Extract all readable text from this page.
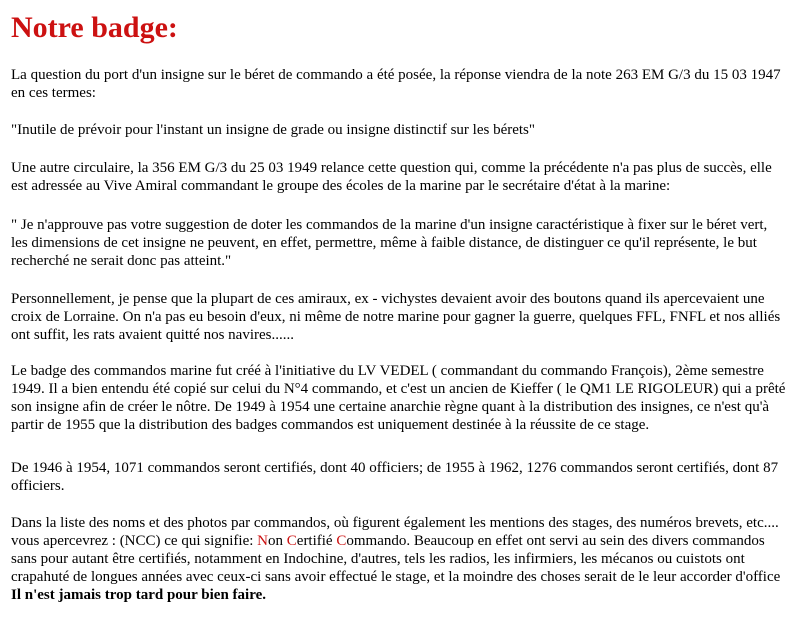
Notre badge:

La question du port d'un insigne sur le béret de commando a été posée, la réponse viendra de la note 263 EM G/3 du 15 03 1947

en ces termes:

"Inutile de prévoir pour l'instant un insigne de grade ou insigne distinctif sur les bérets"

Une autre circulaire, la 356 EM G/3 du 25 03 1949 relance cette question qui, comme la précédente n'a pas plus de succès, elle

est adressée au Vive Amiral commandant le groupe des écoles de la marine par le secrétaire d'état à la marine:

" Je n'approuve pas votre suggestion de doter les commandos de la marine d'un insigne caractéristique à fixer sur le béret vert,

les dimensions de cet insigne ne peuvent, en effet, permettre, même à faible distance, de distinguer ce qu'il représente, le but

recherché ne serait donc pas atteint."

Personnellement, je pense que la plupart de ces amiraux, ex - vichystes devaient avoir des boutons quand ils apercevaient une

croix de Lorraine. On n'a pas eu besoin d'eux, ni même de notre marine pour gagner la guerre, quelques FFL, FNFL et nos alliés

ont suffit, les rats avaient quitté nos navires......

Le badge des commandos marine fut créé à l'initiative du LV VEDEL ( commandant du commando François), 2ème semestre

1949. Il a bien entendu été copié sur celui du N°4 commando, et c'est un ancien de Kieffer ( le QM1 LE RIGOLEUR) qui a prêté

son insigne afin de créer le nôtre. De 1949 à 1954 une certaine anarchie règne quant à la distribution des insignes, ce n'est qu'à

partir de 1955 que la distribution des badges commandos est uniquement destinée à la réussite de ce stage.

De 1946 à 1954, 1071 commandos seront certifiés, dont 40 officiers; de 1955 à 1962, 1276 commandos seront certifiés, dont 87

officiers.

Dans la liste des noms et des photos par commandos, où figurent également les mentions des stages, des numéros brevets, etc....

vous apercevrez : (NCC) ce qui signifie: Non Certifié Commando. Beaucoup en effet ont servi au sein des divers commandos

sans pour autant être certifiés, notamment en Indochine, d'autres, tels les radios, les infirmiers, les mécanos ou cuistots ont

crapahuté de longues années avec ceux-ci sans avoir effectué le stage, et la moindre des choses serait de le leur accorder d'office

Il n'est jamais trop tard pour bien faire.
